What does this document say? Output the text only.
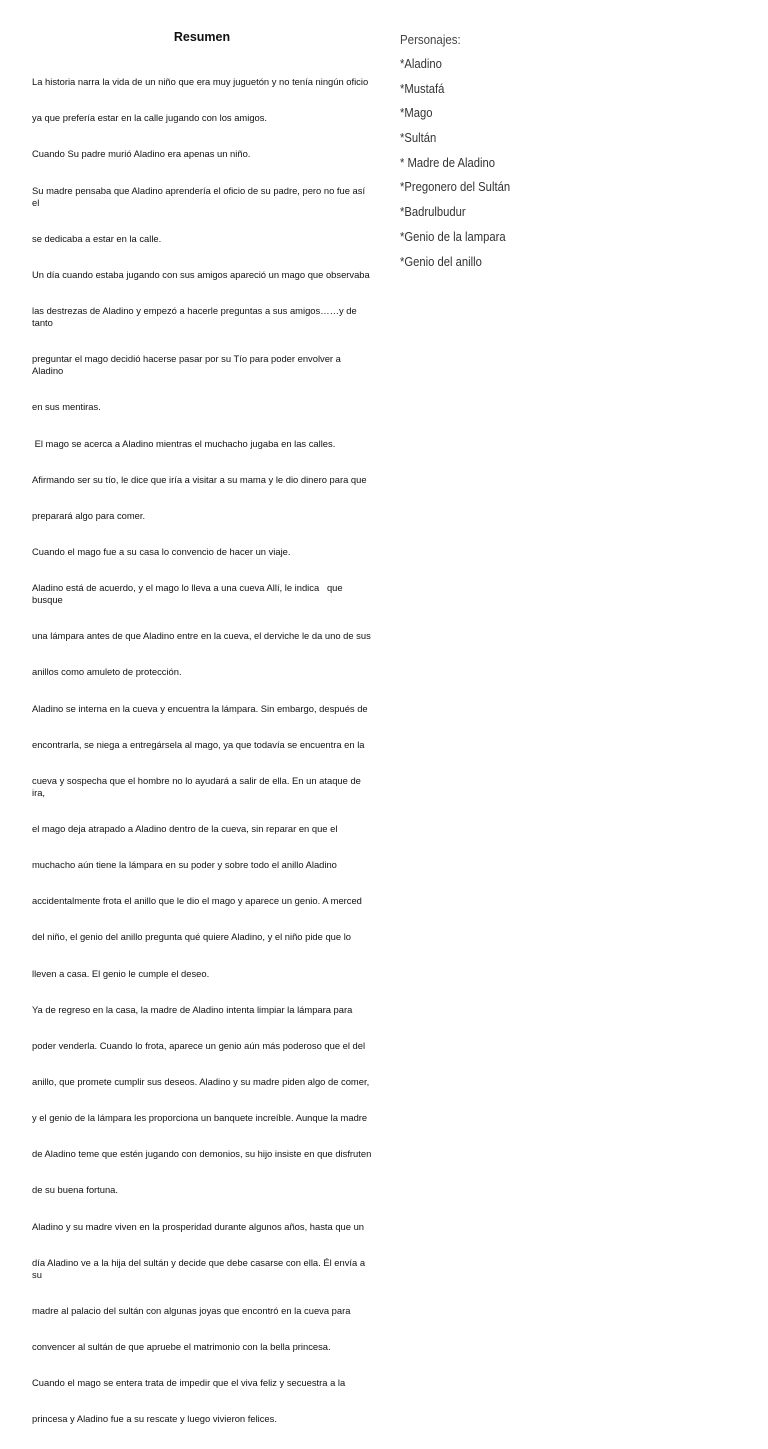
Resumen

La historia narra la vida de un niño que era muy juguetón y no tenía ningún oficio

ya que prefería estar en la calle jugando con los amigos.

Cuando Su padre murió Aladino era apenas un niño.

Su madre pensaba que Aladino aprendería el oficio de su padre, pero no fue así el

se dedicaba a estar en la calle.

Un día cuando estaba jugando con sus amigos apareció un mago que observaba

las destrezas de Aladino y empezó a hacerle preguntas a sus amigos……y de tanto

preguntar el mago decidió hacerse pasar por su Tío para poder envolver a Aladino

en sus mentiras.

El mago se acerca a Aladino mientras el muchacho jugaba en las calles.

Afirmando ser su tío, le dice que iría a visitar a su mama y le dio dinero para que

preparará algo para comer.

Cuando el mago fue a su casa lo convencio de hacer un viaje.

Aladino está de acuerdo, y el mago lo lleva a una cueva Allí, le indica   que busque

una lámpara antes de que Aladino entre en la cueva, el derviche le da uno de sus

anillos como amuleto de protección.

Aladino se interna en la cueva y encuentra la lámpara. Sin embargo, después de

encontrarla, se niega a entregársela al mago, ya que todavía se encuentra en la

cueva y sospecha que el hombre no lo ayudará a salir de ella. En un ataque de ira,

el mago deja atrapado a Aladino dentro de la cueva, sin reparar en que el

muchacho aún tiene la lámpara en su poder y sobre todo el anillo Aladino

accidentalmente frota el anillo que le dio el mago y aparece un genio. A merced

del niño, el genio del anillo pregunta qué quiere Aladino, y el niño pide que lo

lleven a casa. El genio le cumple el deseo.

Ya de regreso en la casa, la madre de Aladino intenta limpiar la lámpara para

poder venderla. Cuando lo frota, aparece un genio aún más poderoso que el del

anillo, que promete cumplir sus deseos. Aladino y su madre piden algo de comer,

y el genio de la lámpara les proporciona un banquete increíble. Aunque la madre

de Aladino teme que estén jugando con demonios, su hijo insiste en que disfruten

de su buena fortuna.

Aladino y su madre viven en la prosperidad durante algunos años, hasta que un

día Aladino ve a la hija del sultán y decide que debe casarse con ella. Él envía a su

madre al palacio del sultán con algunas joyas que encontró en la cueva para

convencer al sultán de que apruebe el matrimonio con la bella princesa.

Cuando el mago se entera trata de impedir que el viva feliz y secuestra a la

princesa y Aladino fue a su rescate y luego vivieron felices.

Personajes:
*Aladino
*Mustafá
*Mago
*Sultán
* Madre de Aladino
*Pregonero del Sultán
*Badrulbudur
*Genio de la lampara
*Genio del anillo
